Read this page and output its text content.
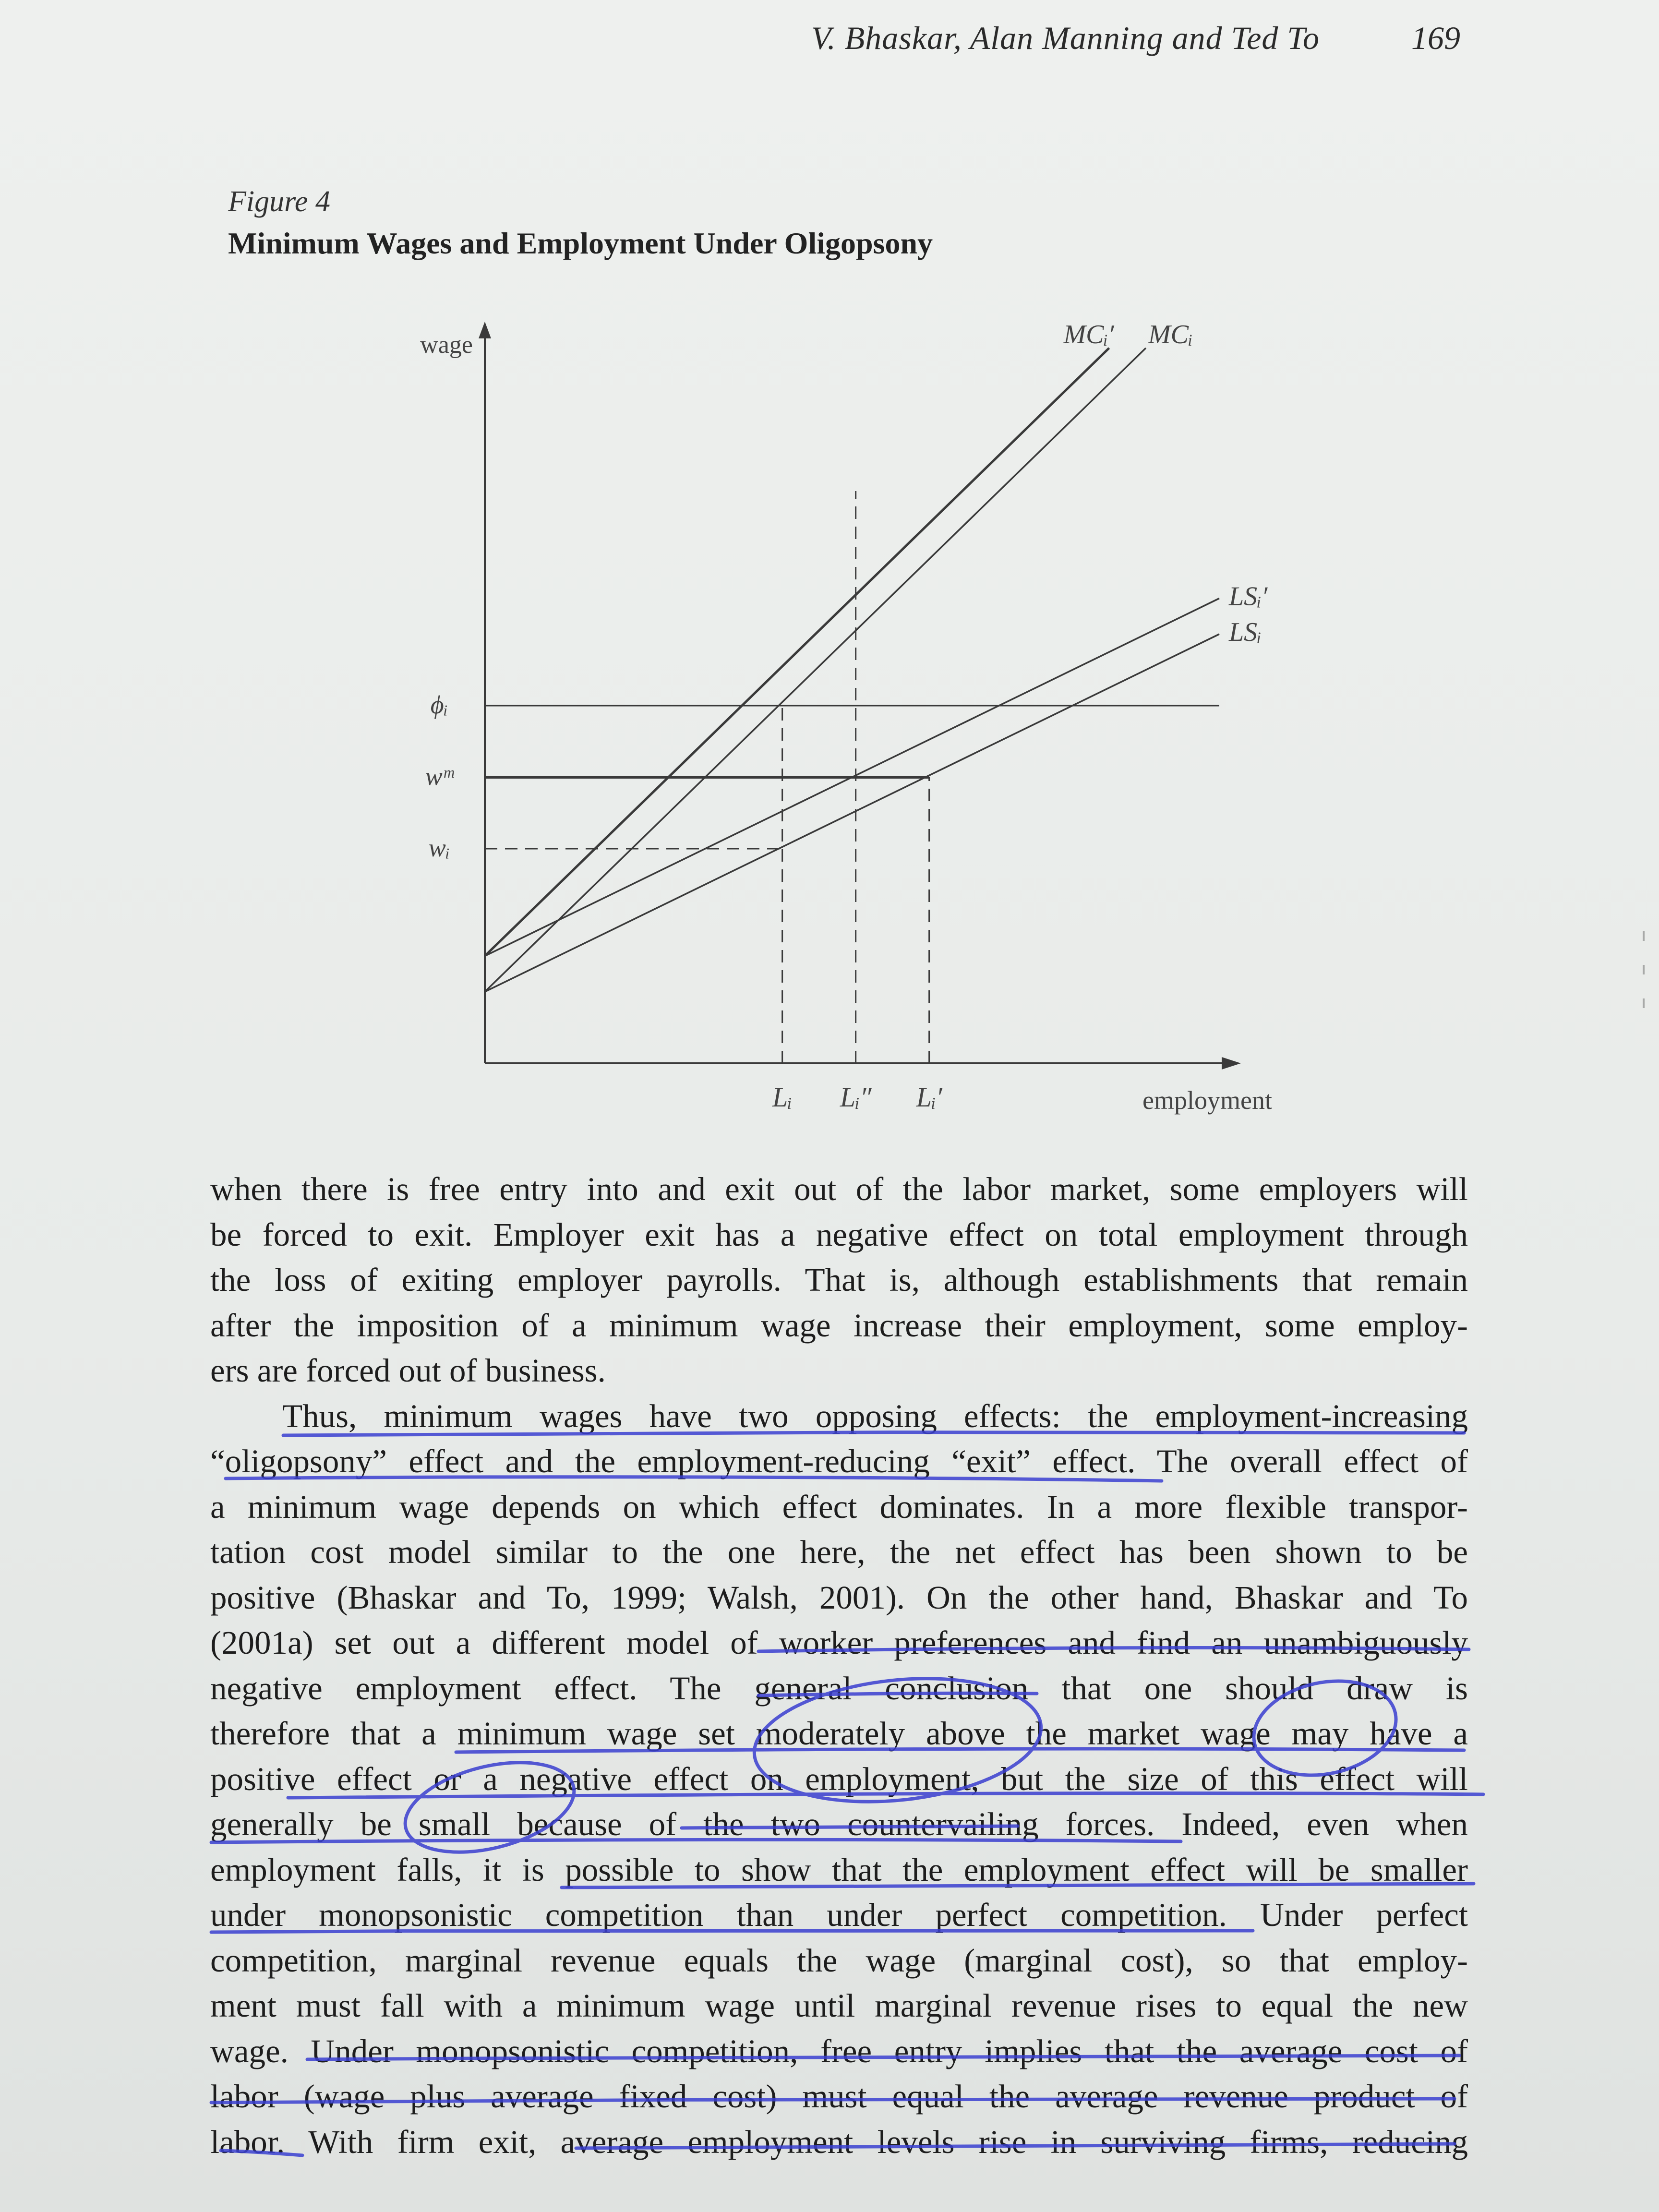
V. Bhaskar, Alan Manning and Ted To	169
Figure 4
Minimum Wages and Employment Under Oligopsony
wage
employment
ϕᵢ
wᵐ
wᵢ
Lᵢ Lᵢ″ Lᵢ′
MCᵢ′ MCᵢ
LSᵢ′
LSᵢ
when there is free entry into and exit out of the labor market, some employers will
be forced to exit. Employer exit has a negative effect on total employment through
the loss of exiting employer payrolls. That is, although establishments that remain
after the imposition of a minimum wage increase their employment, some employ-
ers are forced out of business.
Thus, minimum wages have two opposing effects: the employment-increasing
“oligopsony” effect and the employment-reducing “exit” effect. The overall effect of
a minimum wage depends on which effect dominates. In a more flexible transpor-
tation cost model similar to the one here, the net effect has been shown to be
positive (Bhaskar and To, 1999; Walsh, 2001). On the other hand, Bhaskar and To
(2001a) set out a different model of worker preferences and find an unambiguously
negative employment effect. The general conclusion that one should draw is
therefore that a minimum wage set moderately above the market wage may have a
positive effect or a negative effect on employment, but the size of this effect will
generally be small because of the two countervailing forces. Indeed, even when
employment falls, it is possible to show that the employment effect will be smaller
under monopsonistic competition than under perfect competition. Under perfect
competition, marginal revenue equals the wage (marginal cost), so that employ-
ment must fall with a minimum wage until marginal revenue rises to equal the new
wage. Under monopsonistic competition, free entry implies that the average cost of
labor (wage plus average fixed cost) must equal the average revenue product of
labor. With firm exit, average employment levels rise in surviving firms, reducing
